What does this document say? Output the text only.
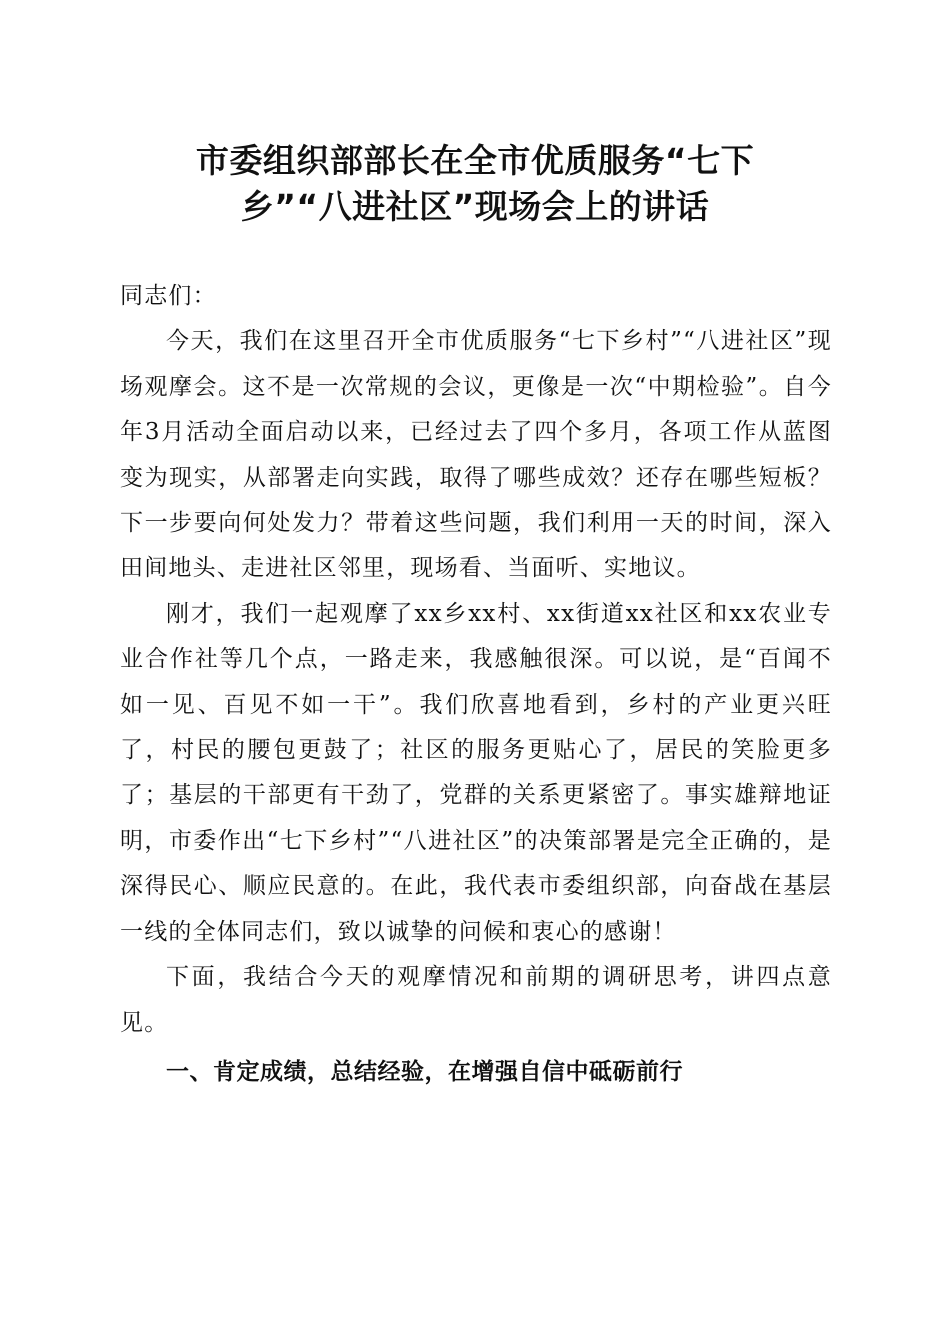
市委组织部部长在全市优质服务“七下
乡”“八进社区”现场会上的讲话

同志们：

今天，我们在这里召开全市优质服务“七下乡村”“八进社区”现场观摩会。这不是一次常规的会议，更像是一次“中期检验”。自今年3月活动全面启动以来，已经过去了四个多月，各项工作从蓝图变为现实，从部署走向实践，取得了哪些成效？还存在哪些短板？下一步要向何处发力？带着这些问题，我们利用一天的时间，深入田间地头、走进社区邻里，现场看、当面听、实地议。

刚才，我们一起观摩了xx乡xx村、xx街道xx社区和xx农业专业合作社等几个点，一路走来，我感触很深。可以说，是“百闻不如一见、百见不如一干”。我们欣喜地看到，乡村的产业更兴旺了，村民的腰包更鼓了；社区的服务更贴心了，居民的笑脸更多了；基层的干部更有干劲了，党群的关系更紧密了。事实雄辩地证明，市委作出“七下乡村”“八进社区”的决策部署是完全正确的，是深得民心、顺应民意的。在此，我代表市委组织部，向奋战在基层一线的全体同志们，致以诚挚的问候和衷心的感谢！

下面，我结合今天的观摩情况和前期的调研思考，讲四点意见。

一、肯定成绩，总结经验，在增强自信中砥砺前行
